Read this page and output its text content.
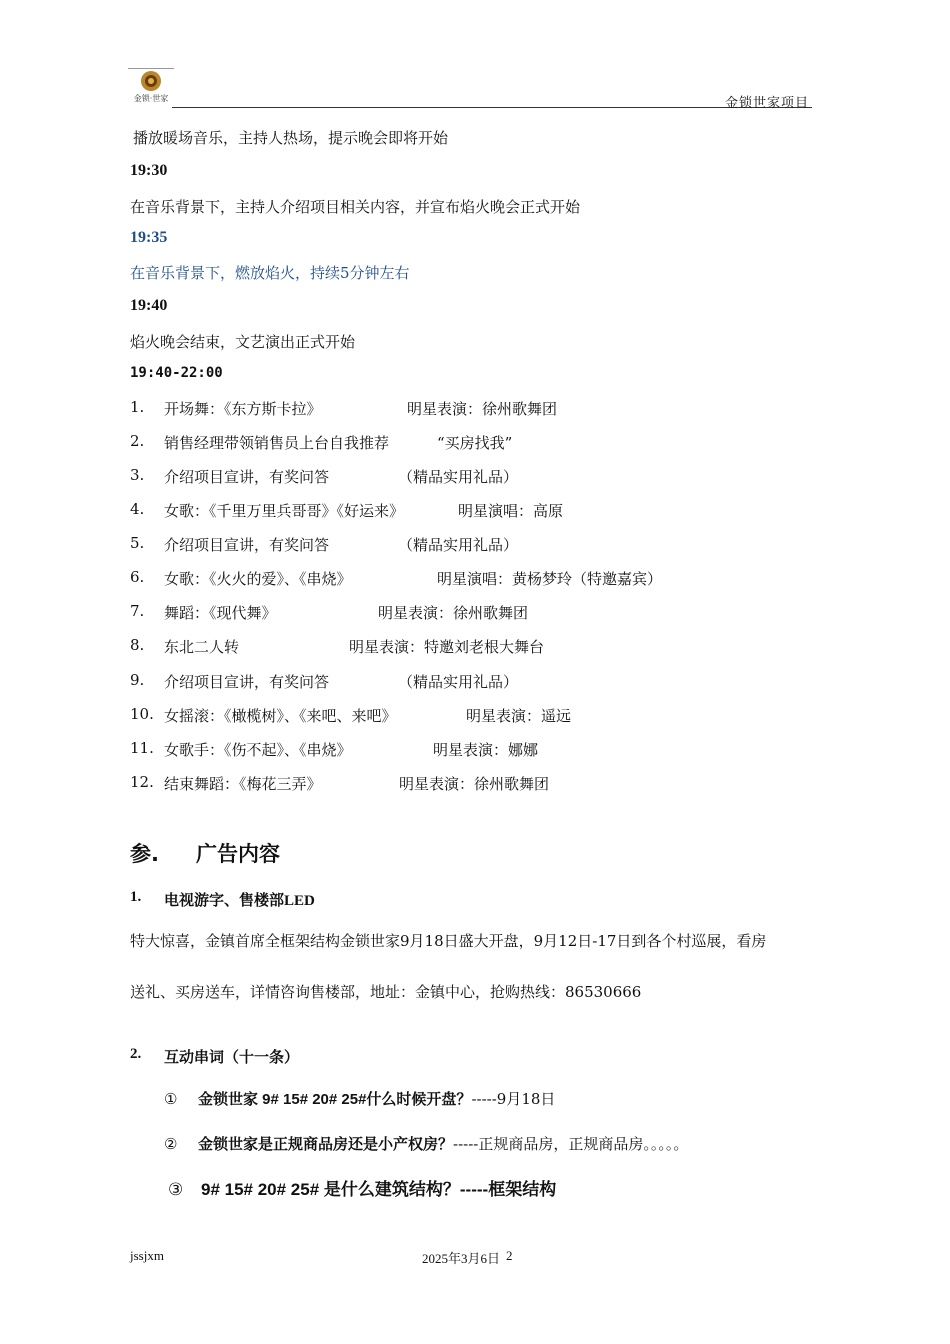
金锁·世家	金锁世家项目
播放暖场音乐，主持人热场，提示晚会即将开始
19:30
在音乐背景下，主持人介绍项目相关内容，并宣布焰火晚会正式开始
19:35
在音乐背景下，燃放焰火，持续5分钟左右
19:40
焰火晚会结束，文艺演出正式开始
19:40-22:00
1. 开场舞：《东方斯卡拉》	明星表演：徐州歌舞团
2. 销售经理带领销售员上台自我推荐	“买房找我”
3. 介绍项目宣讲，有奖问答	（精品实用礼品）
4. 女歌：《千里万里兵哥哥》《好运来》	明星演唱：高原
5. 介绍项目宣讲，有奖问答	（精品实用礼品）
6. 女歌：《火火的爱》、《串烧》	明星演唱：黄杨梦玲（特邀嘉宾）
7. 舞蹈：《现代舞》	明星表演：徐州歌舞团
8. 东北二人转	明星表演：特邀刘老根大舞台
9. 介绍项目宣讲，有奖问答	（精品实用礼品）
10. 女摇滚：《橄榄树》、《来吧、来吧》	明星表演：遥远
11. 女歌手：《伤不起》、《串烧》	明星表演：娜娜
12. 结束舞蹈：《梅花三弄》	明星表演：徐州歌舞团
参. 广告内容
1. 电视游字、售楼部LED
特大惊喜，金镇首席全框架结构金锁世家9月18日盛大开盘，9月12日-17日到各个村巡展，看房
送礼、买房送车，详情咨询售楼部，地址：金镇中心，抢购热线：86530666
2. 互动串词（十一条）
① 金锁世家 9# 15# 20# 25#什么时候开盘？-----9月18日
② 金锁世家是正规商品房还是小产权房？-----正规商品房，正规商品房。。。。。
③ 9# 15# 20# 25# 是什么建筑结构？-----框架结构
jssjxm	2025年3月6日 2
